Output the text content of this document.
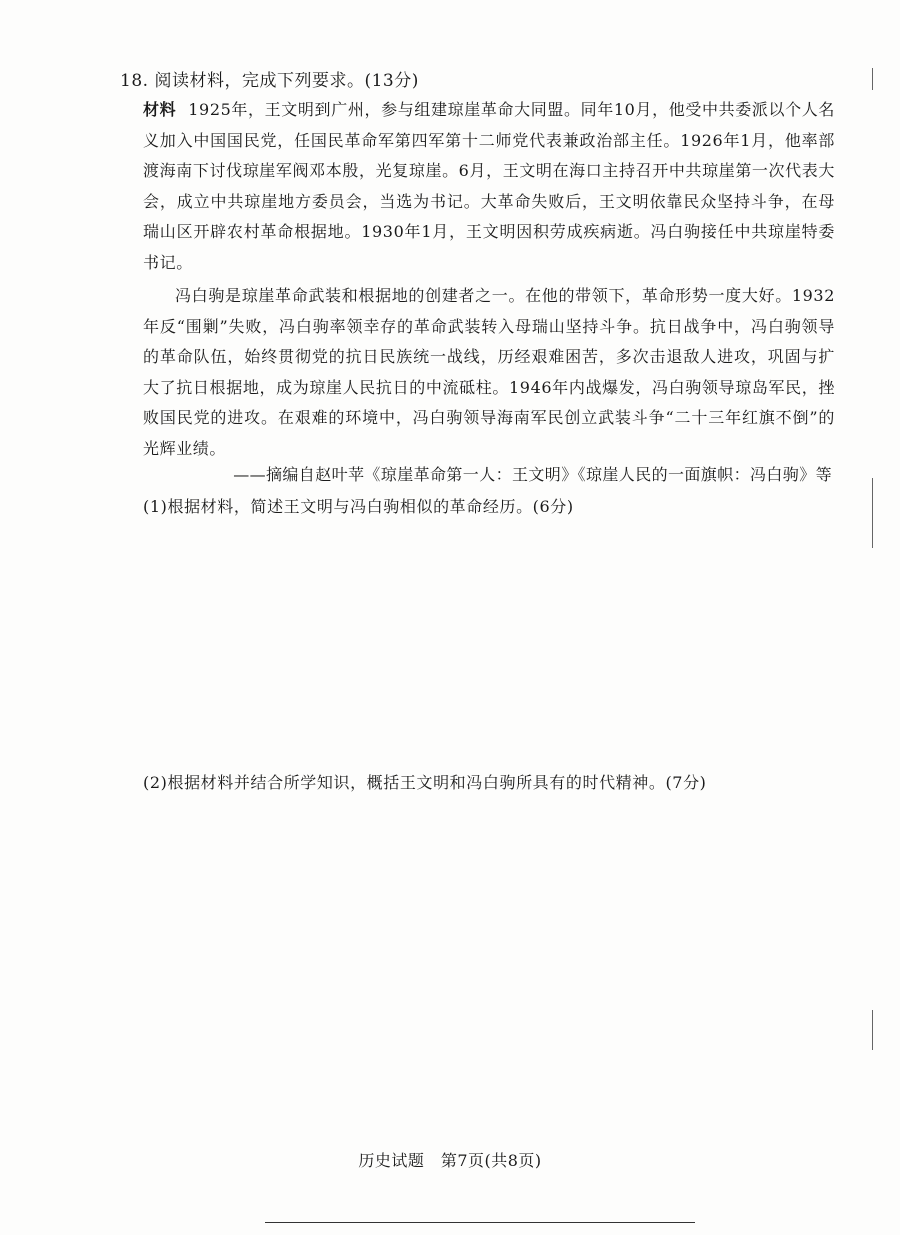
18. 阅读材料，完成下列要求。(13分)
材料 1925年，王文明到广州，参与组建琼崖革命大同盟。同年10月，他受中共委派以个人名义加入中国国民党，任国民革命军第四军第十二师党代表兼政治部主任。1926年1月，他率部渡海南下讨伐琼崖军阀邓本殷，光复琼崖。6月，王文明在海口主持召开中共琼崖第一次代表大会，成立中共琼崖地方委员会，当选为书记。大革命失败后，王文明依靠民众坚持斗争，在母瑞山区开辟农村革命根据地。1930年1月，王文明因积劳成疾病逝。冯白驹接任中共琼崖特委书记。
冯白驹是琼崖革命武装和根据地的创建者之一。在他的带领下，革命形势一度大好。1932年反“围剿”失败，冯白驹率领幸存的革命武装转入母瑞山坚持斗争。抗日战争中，冯白驹领导的革命队伍，始终贯彻党的抗日民族统一战线，历经艰难困苦，多次击退敌人进攻，巩固与扩大了抗日根据地，成为琼崖人民抗日的中流砥柱。1946年内战爆发，冯白驹领导琼岛军民，挫败国民党的进攻。在艰难的环境中，冯白驹领导海南军民创立武装斗争“二十三年红旗不倒”的光辉业绩。
——摘编自赵叶苹《琼崖革命第一人：王文明》《琼崖人民的一面旗帜：冯白驹》等
(1)根据材料，简述王文明与冯白驹相似的革命经历。(6分)
(2)根据材料并结合所学知识，概括王文明和冯白驹所具有的时代精神。(7分)
历史试题　第7页(共8页)
